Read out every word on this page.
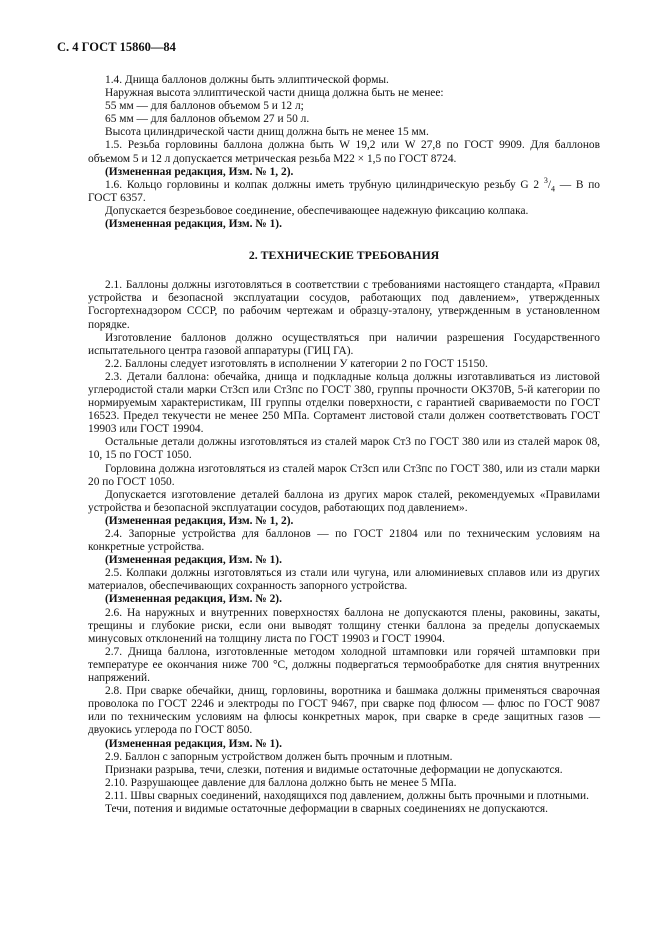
С. 4 ГОСТ 15860—84

1.4. Днища баллонов должны быть эллиптической формы.

Наружная высота эллиптической части днища должна быть не менее:

55 мм — для баллонов объемом 5 и 12 л;

65 мм — для баллонов объемом 27 и 50 л.

Высота цилиндрической части днищ должна быть не менее 15 мм.

1.5. Резьба горловины баллона должна быть W 19,2 или W 27,8 по ГОСТ 9909. Для баллонов объемом 5 и 12 л допускается метрическая резьба М22 × 1,5 по ГОСТ 8724.

(Измененная редакция, Изм. № 1, 2).

1.6. Кольцо горловины и колпак должны иметь трубную цилиндрическую резьбу G 2 $^3/_4$ — В по ГОСТ 6357.

Допускается безрезьбовое соединение, обеспечивающее надежную фиксацию колпака.

(Измененная редакция, Изм. № 1).

2. ТЕХНИЧЕСКИЕ ТРЕБОВАНИЯ

2.1. Баллоны должны изготовляться в соответствии с требованиями настоящего стандарта, «Правил устройства и безопасной эксплуатации сосудов, работающих под давлением», утвержденных Госгортехнадзором СССР, по рабочим чертежам и образцу-эталону, утвержденным в установленном порядке.

Изготовление баллонов должно осуществляться при наличии разрешения Государственного испытательного центра газовой аппаратуры (ГИЦ ГА).

2.2. Баллоны следует изготовлять в исполнении У категории 2 по ГОСТ 15150.

2.3. Детали баллона: обечайка, днища и подкладные кольца должны изготавливаться из листовой углеродистой стали марки Ст3сп или Ст3пс по ГОСТ 380, группы прочности ОК370В, 5-й категории по нормируемым характеристикам, III группы отделки поверхности, с гарантией свариваемости по ГОСТ 16523. Предел текучести не менее 250 МПа. Сортамент листовой стали должен соответствовать ГОСТ 19903 или ГОСТ 19904.

Остальные детали должны изготовляться из сталей марок Ст3 по ГОСТ 380 или из сталей марок 08, 10, 15 по ГОСТ 1050.

Горловина должна изготовляться из сталей марок Ст3сп или Ст3пс по ГОСТ 380, или из стали марки 20 по ГОСТ 1050.

Допускается изготовление деталей баллона из других марок сталей, рекомендуемых «Правилами устройства и безопасной эксплуатации сосудов, работающих под давлением».

(Измененная редакция, Изм. № 1, 2).

2.4. Запорные устройства для баллонов — по ГОСТ 21804 или по техническим условиям на конкретные устройства.

(Измененная редакция, Изм. № 1).

2.5. Колпаки должны изготовляться из стали или чугуна, или алюминиевых сплавов или из других материалов, обеспечивающих сохранность запорного устройства.

(Измененная редакция, Изм. № 2).

2.6. На наружных и внутренних поверхностях баллона не допускаются плены, раковины, закаты, трещины и глубокие риски, если они выводят толщину стенки баллона за пределы допускаемых минусовых отклонений на толщину листа по ГОСТ 19903 и ГОСТ 19904.

2.7. Днища баллона, изготовленные методом холодной штамповки или горячей штамповки при температуре ее окончания ниже 700 °С, должны подвергаться термообработке для снятия внутренних напряжений.

2.8. При сварке обечайки, днищ, горловины, воротника и башмака должны применяться сварочная проволока по ГОСТ 2246 и электроды по ГОСТ 9467, при сварке под флюсом — флюс по ГОСТ 9087 или по техническим условиям на флюсы конкретных марок, при сварке в среде защитных газов — двуокись углерода по ГОСТ 8050.

(Измененная редакция, Изм. № 1).

2.9. Баллон с запорным устройством должен быть прочным и плотным.

Признаки разрыва, течи, слезки, потения и видимые остаточные деформации не допускаются.

2.10. Разрушающее давление для баллона должно быть не менее 5 МПа.

2.11. Швы сварных соединений, находящихся под давлением, должны быть прочными и плотными.

Течи, потения и видимые остаточные деформации в сварных соединениях не допускаются.
